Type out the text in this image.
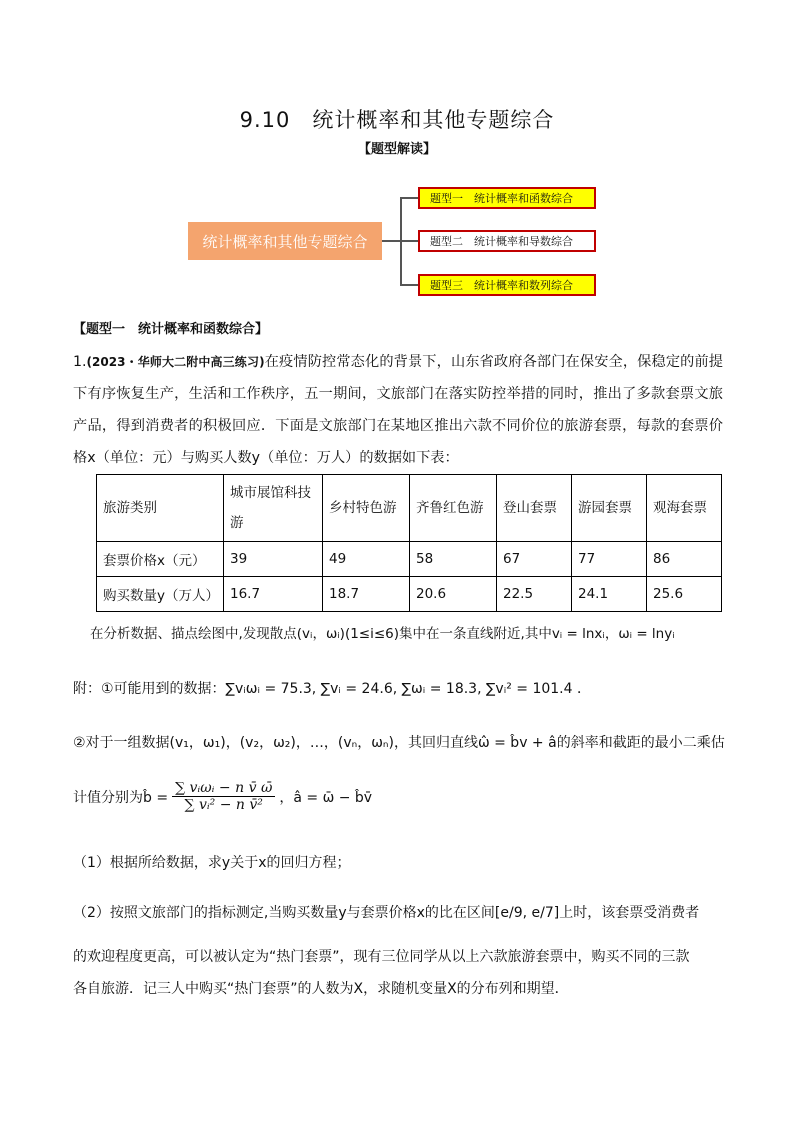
9.10　统计概率和其他专题综合
【题型解读】
统计概率和其他专题综合
题型一　统计概率和函数综合
题型二　统计概率和导数综合
题型三　统计概率和数列综合
【题型一　统计概率和函数综合】
1.(2023・华师大二附中高三练习)在疫情防控常态化的背景下，山东省政府各部门在保安全，保稳定的前提下有序恢复生产，生活和工作秩序，五一期间，文旅部门在落实防控举措的同时，推出了多款套票文旅产品，得到消费者的积极回应．下面是文旅部门在某地区推出六款不同价位的旅游套票，每款的套票价格x（单位：元）与购买人数y（单位：万人）的数据如下表：
旅游类别	城市展馆科技游	乡村特色游	齐鲁红色游	登山套票	游园套票	观海套票
套票价格x（元）	39	49	58	67	77	86
购买数量y（万人）	16.7	18.7	20.6	22.5	24.1	25.6
在分析数据、描点绘图中,发现散点(vᵢ，ωᵢ)(1≤i≤6)集中在一条直线附近,其中vᵢ = lnxᵢ，ωᵢ = lnyᵢ
附：①可能用到的数据：∑vᵢωᵢ = 75.3, ∑vᵢ = 24.6, ∑ωᵢ = 18.3, ∑vᵢ² = 101.4 ．
②对于一组数据(v₁，ω₁)，(v₂，ω₂)，…，(vₙ，ωₙ)，其回归直线ω̂ = b̂v + â的斜率和截距的最小二乘估
计值分别为b̂ = $\frac{\text{∑ vᵢωᵢ − n v̄ ω̄}}{\text{∑ vᵢ² − n v̄²}}$ ，â = ω̄ − b̂v̄
（1）根据所给数据，求y关于x的回归方程；
（2）按照文旅部门的指标测定,当购买数量y与套票价格x的比在区间[e/9, e/7]上时，该套票受消费者
的欢迎程度更高，可以被认定为“热门套票”，现有三位同学从以上六款旅游套票中，购买不同的三款
各自旅游．记三人中购买“热门套票”的人数为X，求随机变量X的分布列和期望．
